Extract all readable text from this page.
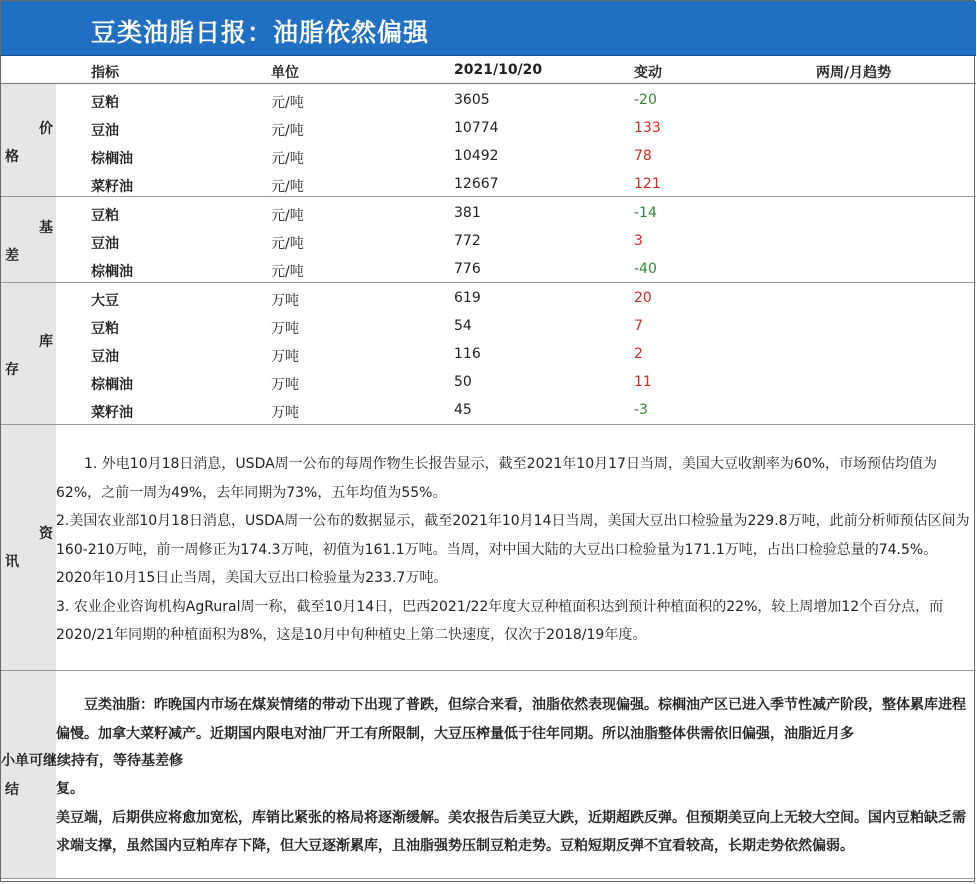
豆类油脂日报：油脂依然偏强
指标	单位	2021/10/20	变动	两周/月趋势
价
格
豆粕	元/吨	3605	-20
豆油	元/吨	10774	133
棕榈油	元/吨	10492	78
菜籽油	元/吨	12667	121
基
差
豆粕	元/吨	381	-14
豆油	元/吨	772	3
棕榈油	元/吨	776	-40
库
存
大豆	万吨	619	20
豆粕	万吨	54	7
豆油	万吨	116	2
棕榈油	万吨	50	11
菜籽油	万吨	45	-3
资
讯

　　1. 外电10月18日消息，USDA周一公布的每周作物生长报告显示，截至2021年10月17日当周，美国大豆收割率为60%，市场预估均值为62%，之前一周为49%，去年同期为73%，五年均值为55%。

2.美国农业部10月18日消息，USDA周一公布的数据显示，截至2021年10月14日当周，美国大豆出口检验量为229.8万吨，此前分析师预估区间为160-210万吨，前一周修正为174.3万吨，初值为161.1万吨。当周，对中国大陆的大豆出口检验量为171.1万吨，占出口检验总量的74.5%。2020年10月15日止当周，美国大豆出口检验量为233.7万吨。

3. 农业企业咨询机构AgRural周一称，截至10月14日，巴西2021/22年度大豆种植面积达到预计种植面积的22%，较上周增加12个百分点，而2020/21年同期的种植面积为8%，这是10月中旬种植史上第二快速度，仅次于2018/19年度。

结

　　豆类油脂：昨晚国内市场在煤炭情绪的带动下出现了普跌，但综合来看，油脂依然表现偏强。棕榈油产区已进入季节性减产阶段，整体累库进程偏慢。加拿大菜籽减产。近期国内限电对油厂开工有所限制，大豆压榨量低于往年同期。所以油脂整体供需依旧偏强，油脂近月多

小单可继续持有，等待基差修

复。

美豆端，后期供应将愈加宽松，库销比紧张的格局将逐渐缓解。美农报告后美豆大跌，近期超跌反弹。但预期美豆向上无较大空间。国内豆粕缺乏需求端支撑，虽然国内豆粕库存下降，但大豆逐渐累库，且油脂强势压制豆粕走势。豆粕短期反弹不宜看较高，长期走势依然偏弱。
